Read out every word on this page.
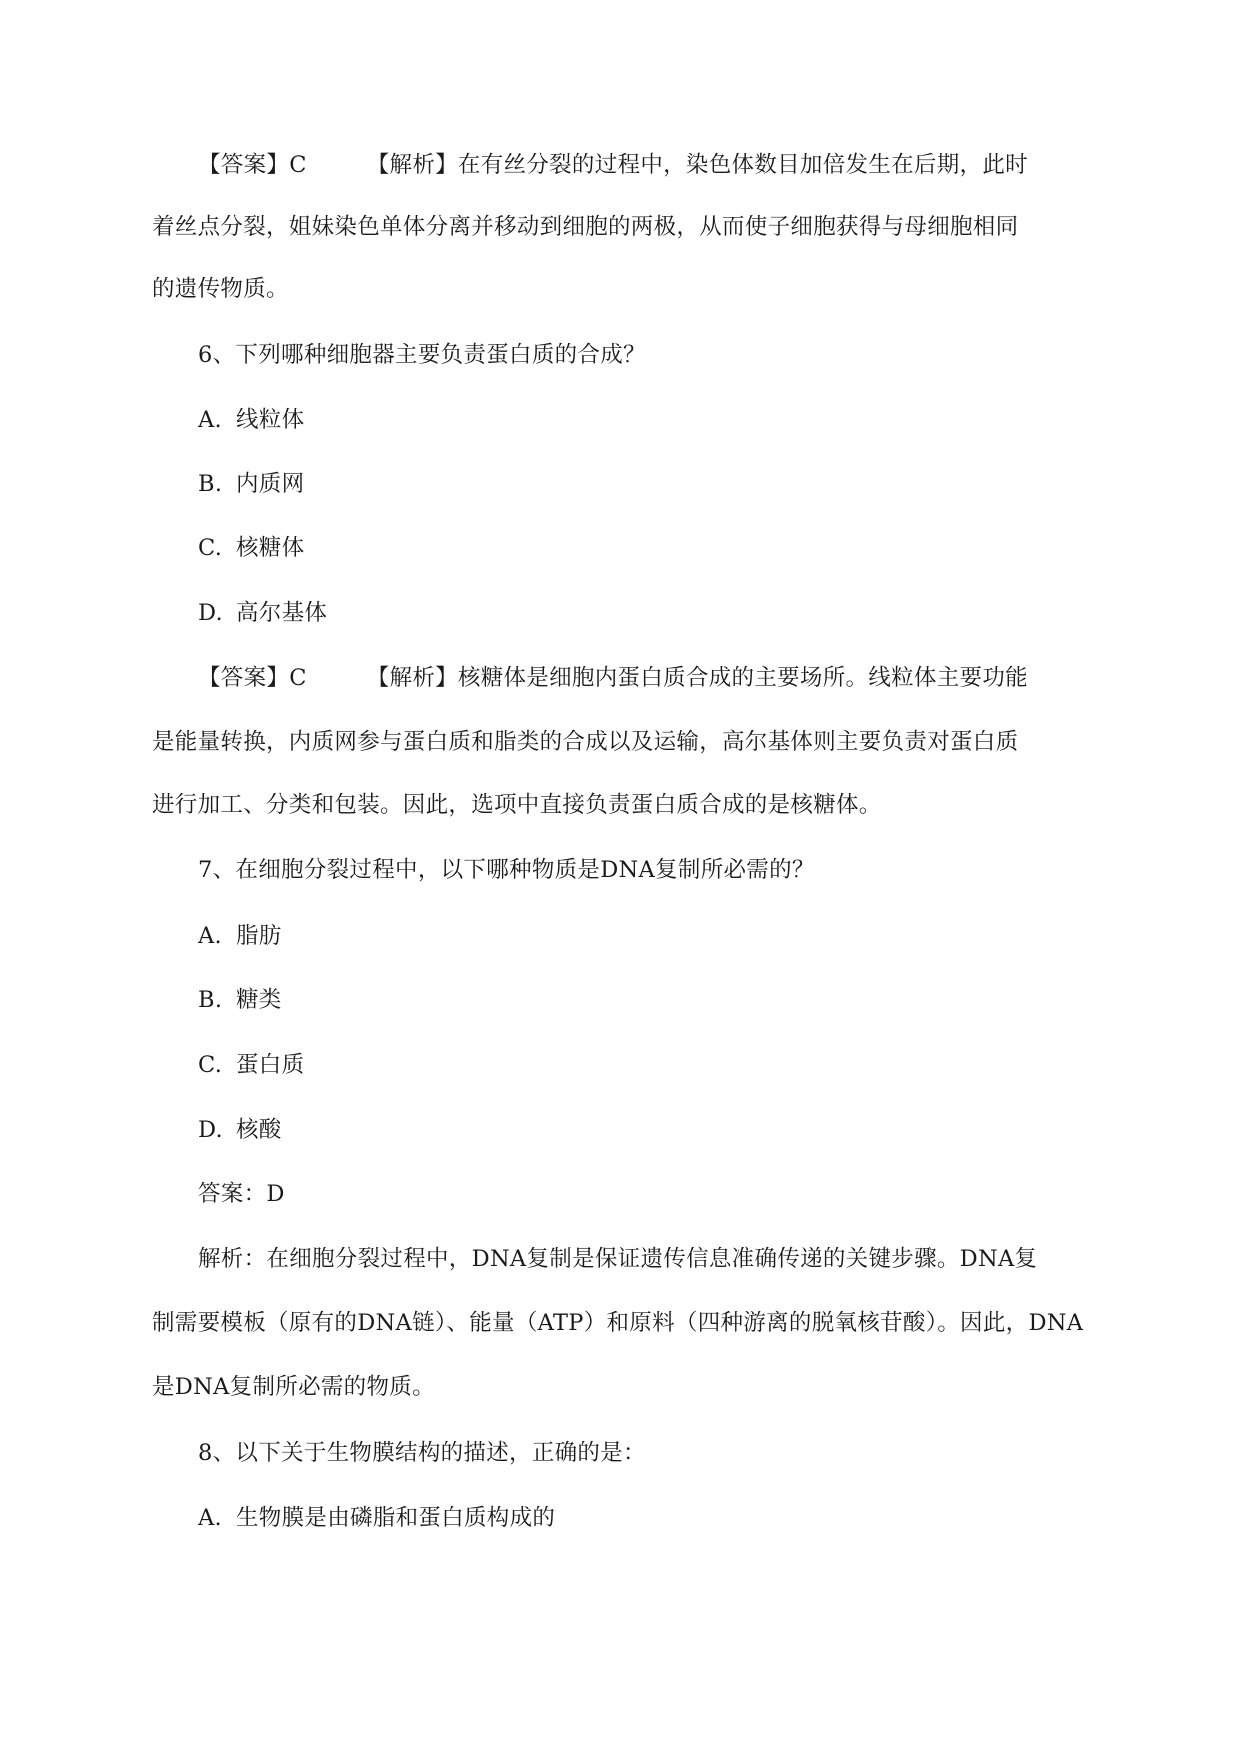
【答案】C	【解析】在有丝分裂的过程中，染色体数目加倍发生在后期，此时
着丝点分裂，姐妹染色单体分离并移动到细胞的两极，从而使子细胞获得与母细胞相同
的遗传物质。
6、下列哪种细胞器主要负责蛋白质的合成？
A. 线粒体
B. 内质网
C. 核糖体
D. 高尔基体
【答案】C	【解析】核糖体是细胞内蛋白质合成的主要场所。线粒体主要功能
是能量转换，内质网参与蛋白质和脂类的合成以及运输，高尔基体则主要负责对蛋白质
进行加工、分类和包装。因此，选项中直接负责蛋白质合成的是核糖体。
7、在细胞分裂过程中，以下哪种物质是DNA复制所必需的？
A. 脂肪
B. 糖类
C. 蛋白质
D. 核酸
答案：D
解析：在细胞分裂过程中，DNA复制是保证遗传信息准确传递的关键步骤。DNA复
制需要模板（原有的DNA链）、能量（ATP）和原料（四种游离的脱氧核苷酸）。因此，DNA
是DNA复制所必需的物质。
8、以下关于生物膜结构的描述，正确的是：
A. 生物膜是由磷脂和蛋白质构成的
